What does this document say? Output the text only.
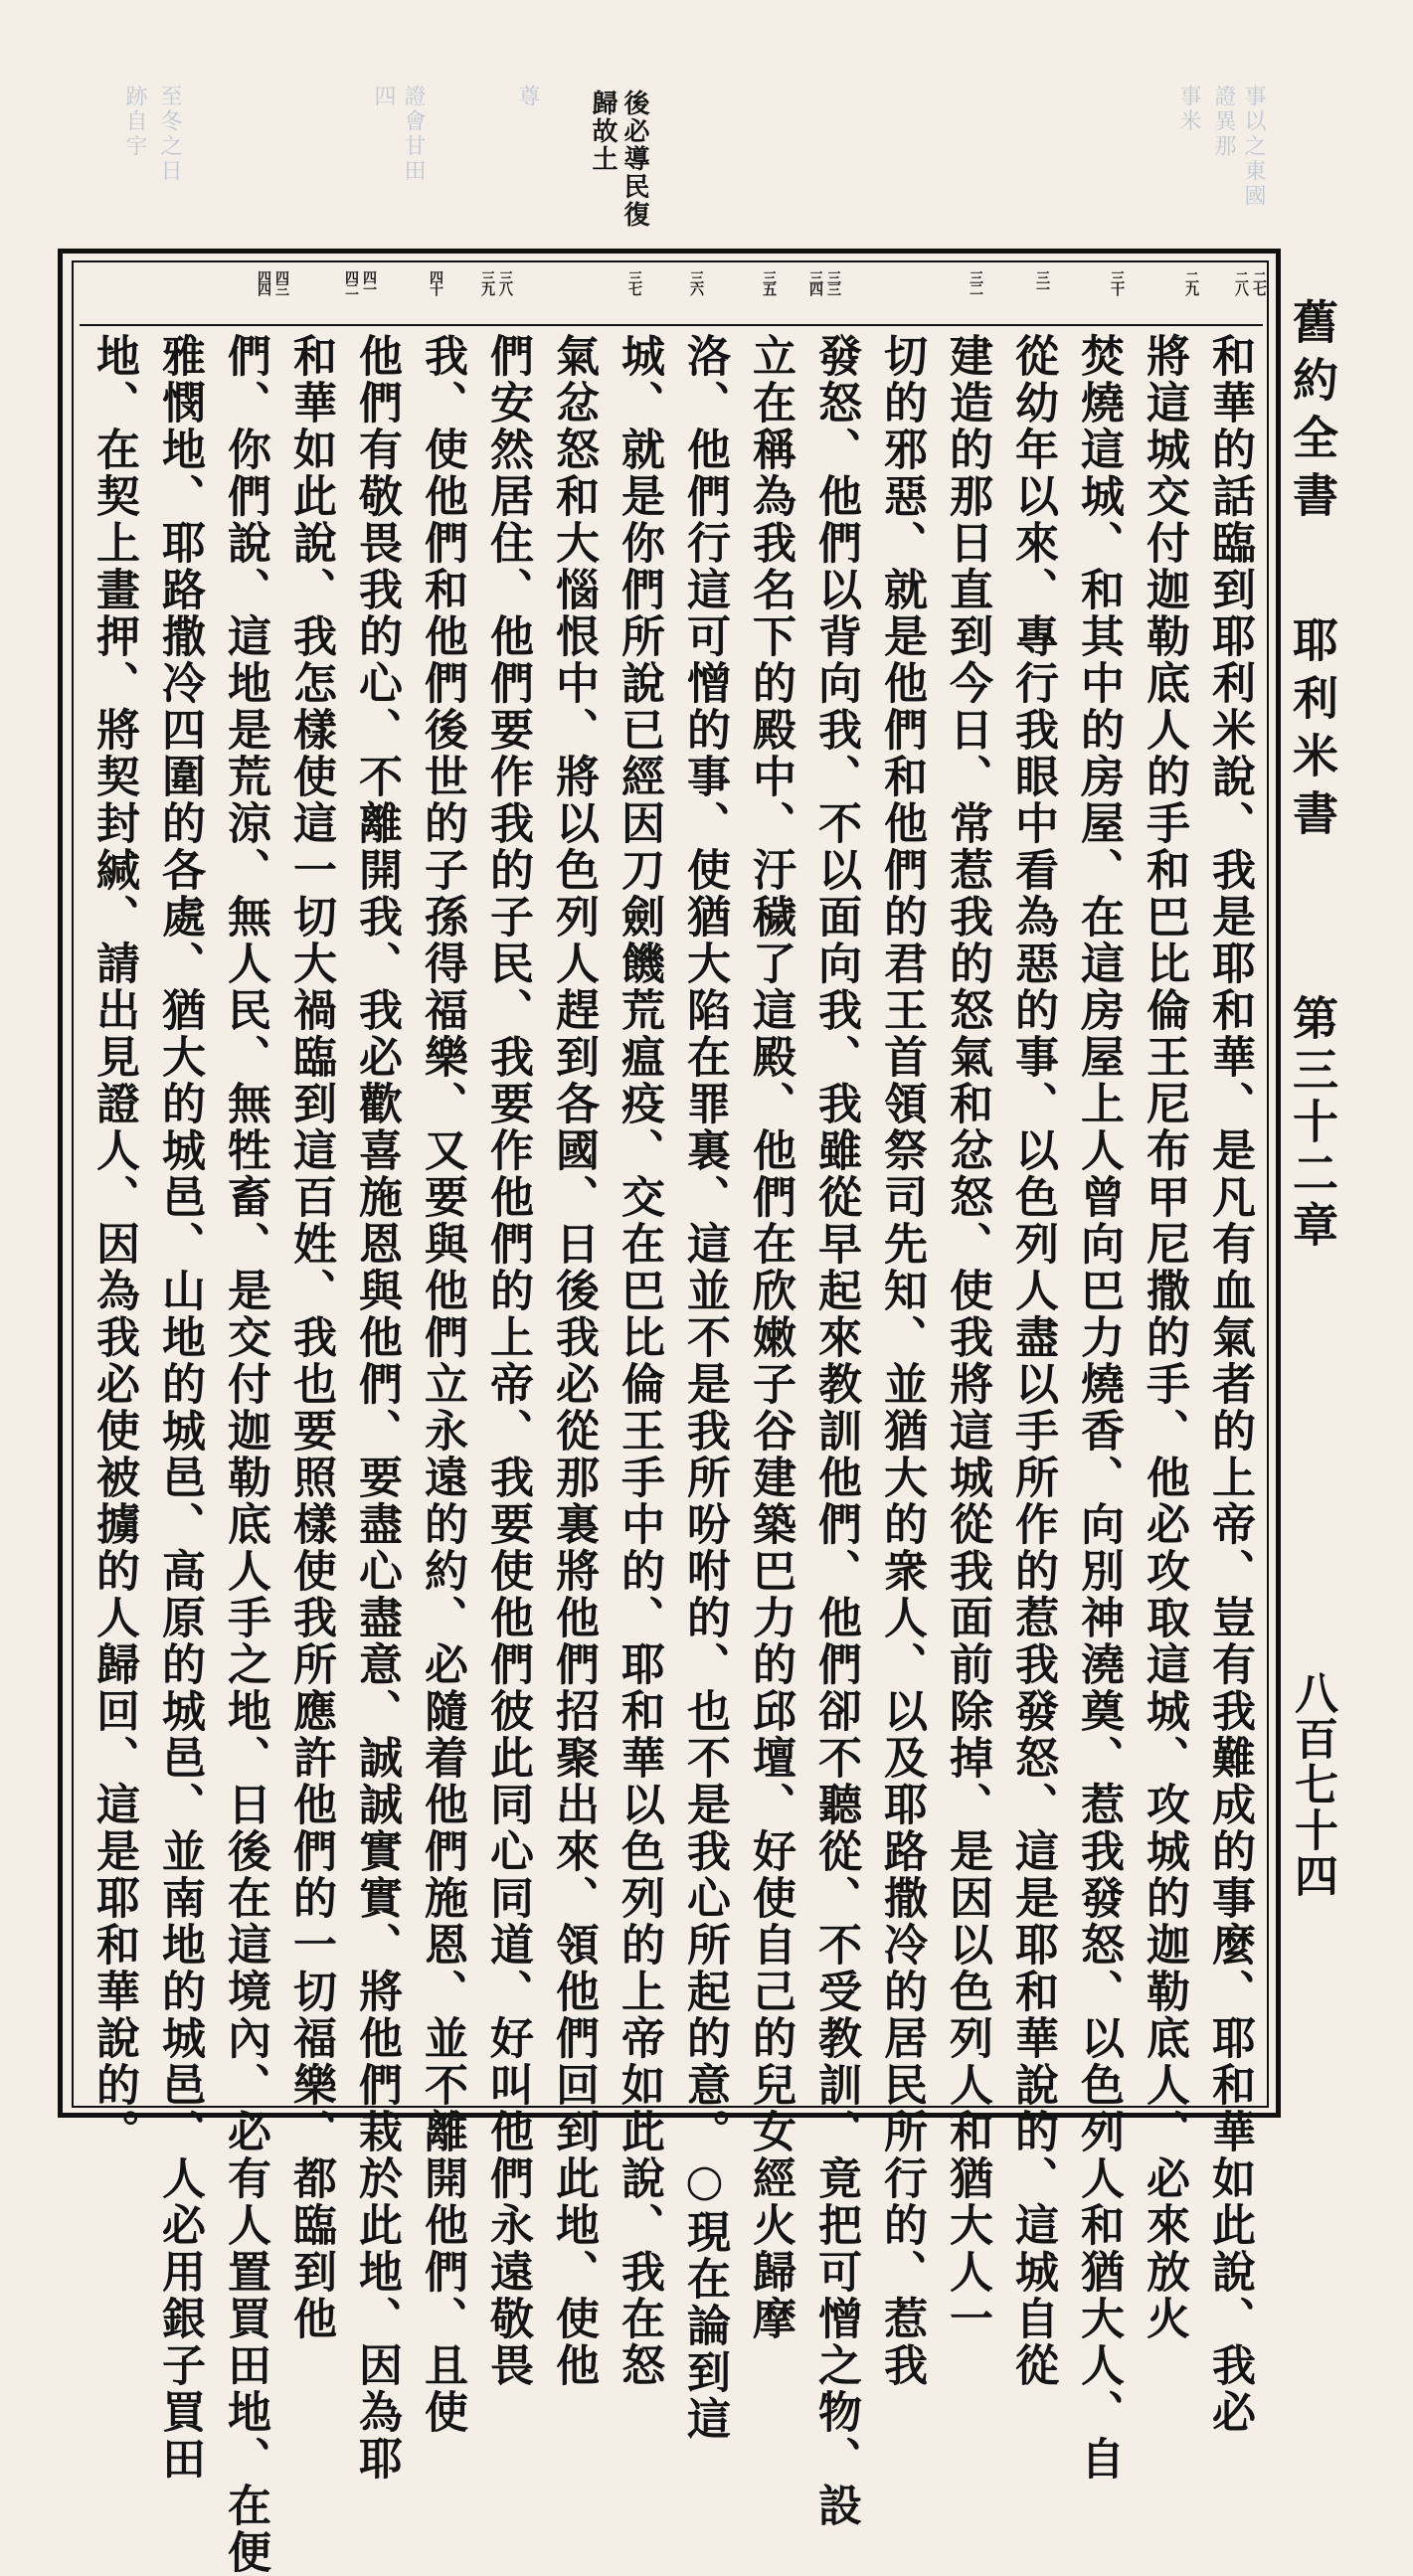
事米 證異那 事以之東國
四 證會甘田	尊
跡自宇 至冬之日	後必導民復
歸故土
舊約全書
耶利米書
第三十二章
八百七十四
二七
二八
二九
三十
三一
三二
三三
三四
三五
三六
三七
三八
三九
四十
四一
四二
四三
四四
和華的話臨到耶利米說、我是耶和華、是凡有血氣者的上帝、豈有我難成的事麼、耶和華如此說、我必
將這城交付迦勒底人的手和巴比倫王尼布甲尼撒的手、他必攻取這城、攻城的迦勒底人、必來放火
焚燒這城、和其中的房屋、在這房屋上人曾向巴力燒香、向別神澆奠、惹我發怒、以色列人和猶大人、自
從幼年以來、專行我眼中看為惡的事、以色列人盡以手所作的惹我發怒、這是耶和華說的、這城自從
建造的那日直到今日、常惹我的怒氣和忿怒、使我將這城從我面前除掉、是因以色列人和猶大人一
切的邪惡、就是他們和他們的君王首領祭司先知、並猶大的衆人、以及耶路撒冷的居民所行的、惹我
發怒、他們以背向我、不以面向我、我雖從早起來教訓他們、他們卻不聽從、不受教訓、竟把可憎之物、設
立在稱為我名下的殿中、汙穢了這殿、他們在欣嫩子谷建築巴力的邱壇、好使自己的兒女經火歸摩
洛、他們行這可憎的事、使猶大陷在罪裏、這並不是我所吩咐的、也不是我心所起的意。○現在論到這
城、就是你們所說已經因刀劍饑荒瘟疫、交在巴比倫王手中的、耶和華以色列的上帝如此說、我在怒
氣忿怒和大惱恨中、將以色列人趕到各國、日後我必從那裏將他們招聚出來、領他們回到此地、使他
們安然居住、他們要作我的子民、我要作他們的上帝、我要使他們彼此同心同道、好叫他們永遠敬畏
我、使他們和他們後世的子孫得福樂、又要與他們立永遠的約、必隨着他們施恩、並不離開他們、且使
他們有敬畏我的心、不離開我、我必歡喜施恩與他們、要盡心盡意、誠誠實實、將他們栽於此地、因為耶
和華如此說、我怎樣使這一切大禍臨到這百姓、我也要照樣使我所應許他們的一切福樂、都臨到他
們、你們說、這地是荒涼、無人民、無牲畜、是交付迦勒底人手之地、日後在這境內、必有人置買田地、在便
雅憫地、耶路撒冷四圍的各處、猶大的城邑、山地的城邑、高原的城邑、並南地的城邑、人必用銀子買田
地、在契上畫押、將契封緘、請出見證人、因為我必使被擄的人歸回、這是耶和華說的。
